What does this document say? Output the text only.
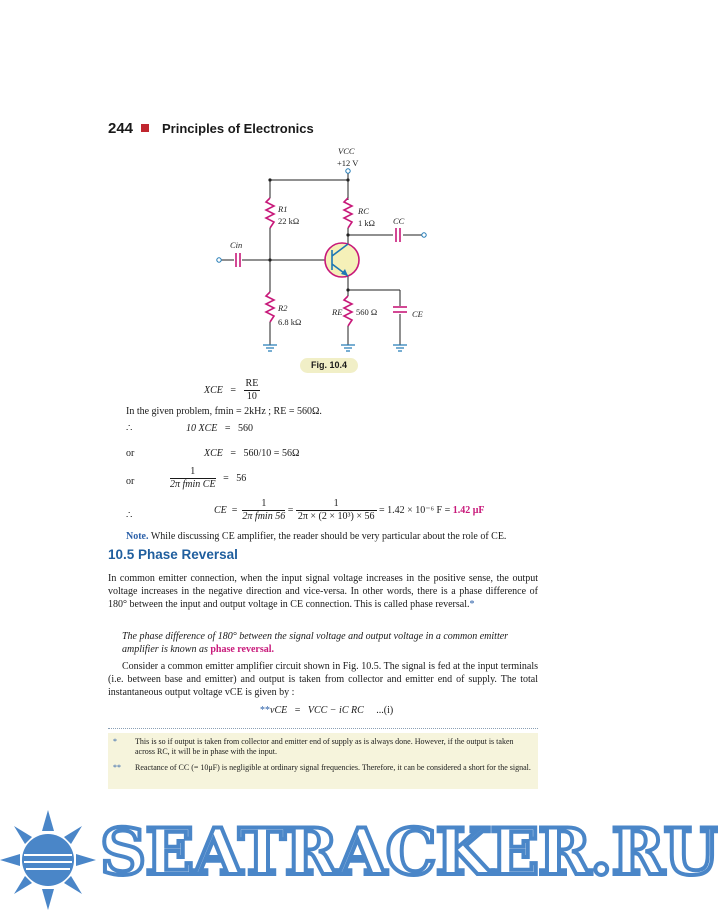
244 Principles of Electronics
VCC
+12 V
R1
22 kΩ
RC
1 kΩ CC
Cin
R2
6.8 kΩ
RE 560 Ω	CE
Fig. 10.4
XCE = $\frac{RE}{10}$
In the given problem, fmin = 2kHz ; RE = 560Ω.
∴	10 XCE = 560
or	XCE = 560/10 = 56Ω
or	$\frac{1}{\text{2π fmin CE}} = 56$
∴	CE = $\frac{1}{\text{2π fmin 56}} = \frac{1}{\text{2π × (2 × 10³) × 56}} = 1.42 \times 10^{-6}$ F = 1.42 μF
Note. While discussing CE amplifier, the reader should be very particular about the role of CE.
10.5 Phase Reversal
In common emitter connection, when the input signal voltage increases in the positive sense, the output voltage increases in the negative direction and vice-versa. In other words, there is a phase difference of 180° between the input and output voltage in CE connection. This is called phase reversal.*
The phase difference of 180° between the signal voltage and output voltage in a common emitter amplifier is known as phase reversal.
Consider a common emitter amplifier circuit shown in Fig. 10.5. The signal is fed at the input terminals (i.e. between base and emitter) and output is taken from collector and emitter end of supply. The total instantaneous output voltage vCE is given by :
**vCE = VCC − iC RC ...(i)
* This is so if output is taken from collector and emitter end of supply as is always done. However, if the output is taken across RC, it will be in phase with the input.
** Reactance of CC (= 10μF) is negligible at ordinary signal frequencies. Therefore, it can be considered a short for the signal.
SEATRACKER.RU
